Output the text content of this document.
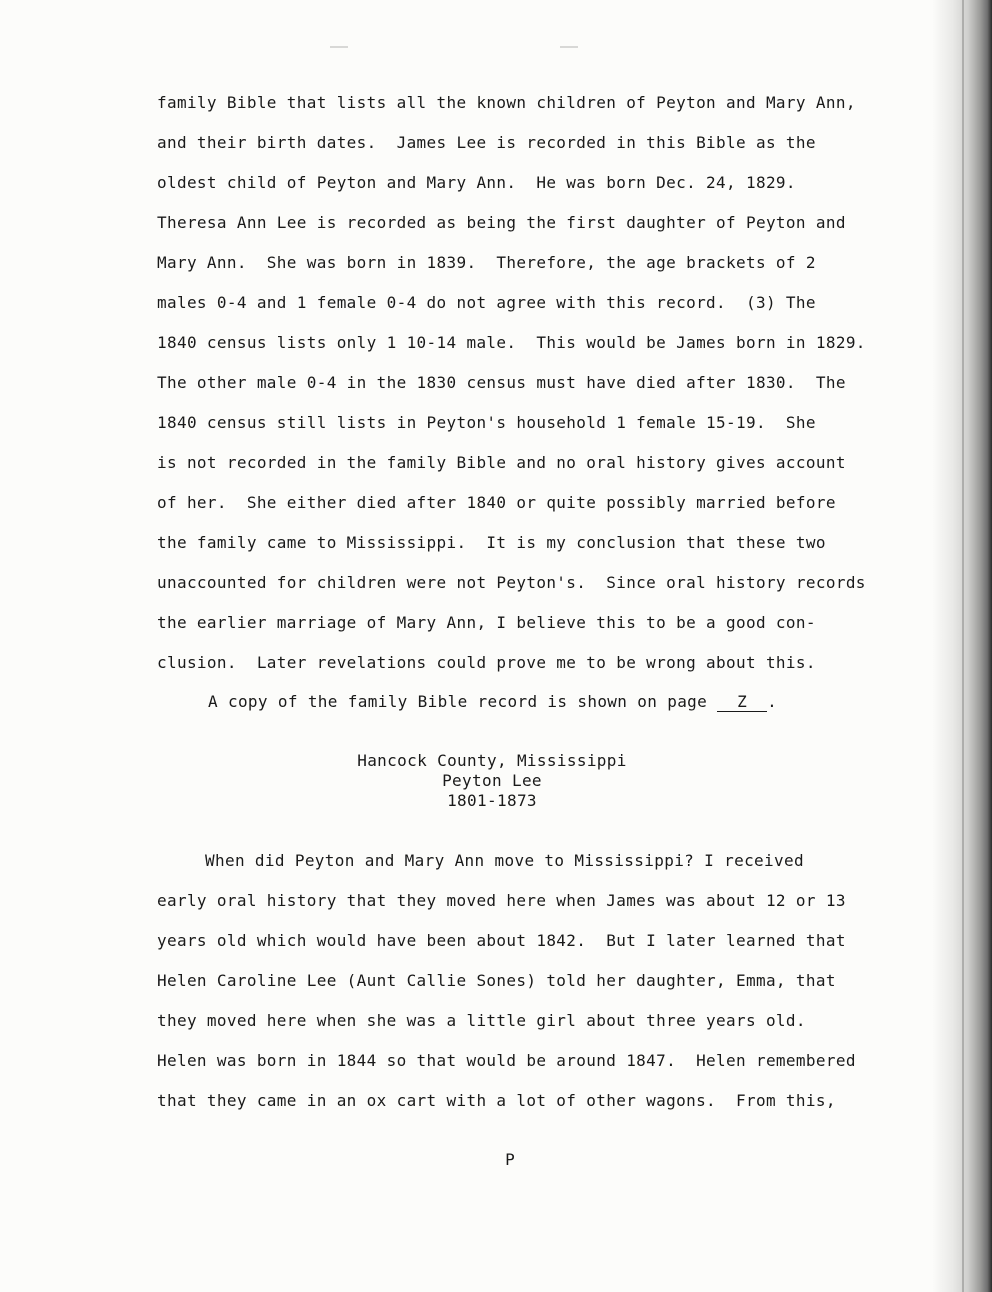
family Bible that lists all the known children of Peyton and Mary Ann,

and their birth dates.  James Lee is recorded in this Bible as the

oldest child of Peyton and Mary Ann.  He was born Dec. 24, 1829.

Theresa Ann Lee is recorded as being the first daughter of Peyton and

Mary Ann.  She was born in 1839.  Therefore, the age brackets of 2

males 0-4 and 1 female 0-4 do not agree with this record.  (3) The

1840 census lists only 1 10-14 male.  This would be James born in 1829.

The other male 0-4 in the 1830 census must have died after 1830.  The

1840 census still lists in Peyton's household 1 female 15-19.  She

is not recorded in the family Bible and no oral history gives account

of her.  She either died after 1840 or quite possibly married before

the family came to Mississippi.  It is my conclusion that these two

unaccounted for children were not Peyton's.  Since oral history records

the earlier marriage of Mary Ann, I believe this to be a good con-

clusion.  Later revelations could prove me to be wrong about this.

A copy of the family Bible record is shown on page Z .

Hancock County, Mississippi

Peyton Lee

1801-1873

When did Peyton and Mary Ann move to Mississippi? I received

early oral history that they moved here when James was about 12 or 13

years old which would have been about 1842.  But I later learned that

Helen Caroline Lee (Aunt Callie Sones) told her daughter, Emma, that

they moved here when she was a little girl about three years old.

Helen was born in 1844 so that would be around 1847.  Helen remembered

that they came in an ox cart with a lot of other wagons.  From this,

P
